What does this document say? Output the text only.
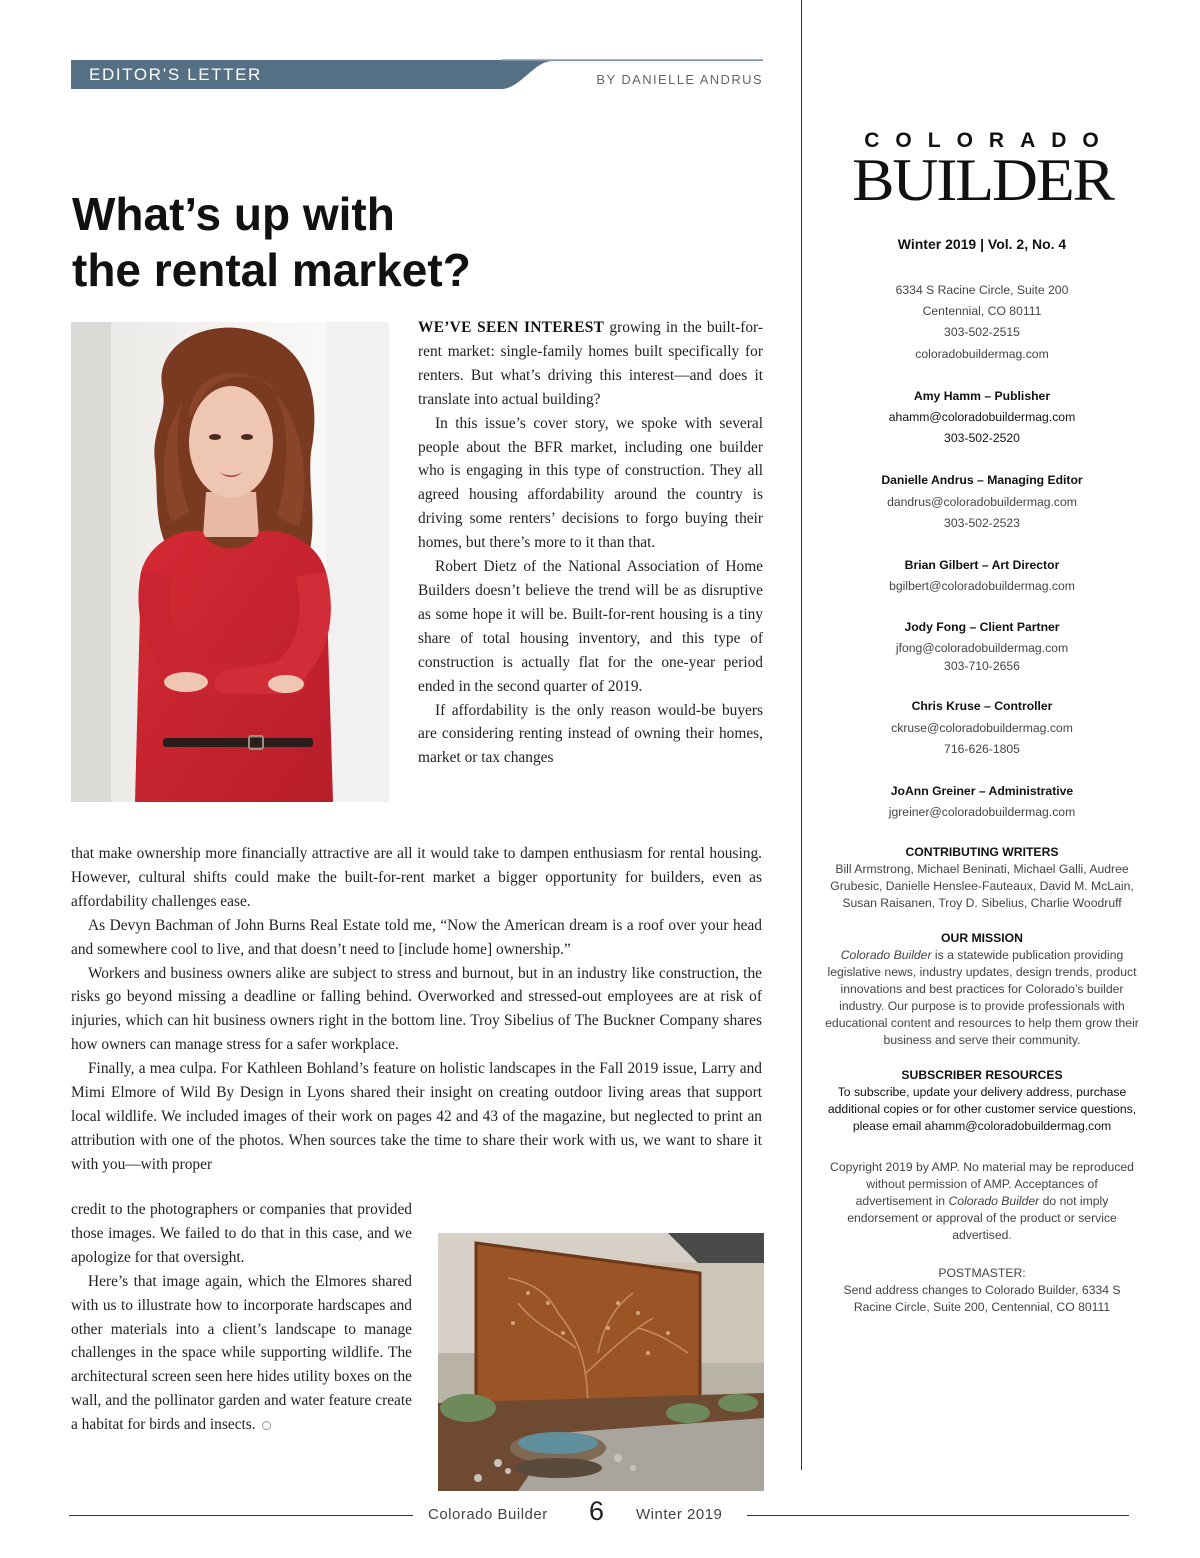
EDITOR’S LETTER	BY DANIELLE ANDRUS
What’s up with
the rental market?

WE’VE SEEN INTEREST growing in the built-for-rent market: single-family homes built specifically for renters. But what’s driving this interest—and does it translate into actual building?

In this issue’s cover story, we spoke with several people about the BFR market, including one builder who is engaging in this type of construction. They all agreed housing affordability around the country is driving some renters’ decisions to forgo buying their homes, but there’s more to it than that.

Robert Dietz of the National Association of Home Builders doesn’t believe the trend will be as disruptive as some hope it will be. Built-for-rent housing is a tiny share of total housing inventory, and this type of construction is actually flat for the one-year period ended in the second quarter of 2019.

If affordability is the only reason would-be buyers are considering renting instead of owning their homes, market or tax changes

that make ownership more financially attractive are all it would take to dampen enthusiasm for rental housing. However, cultural shifts could make the built-for-rent market a bigger opportunity for builders, even as affordability challenges ease.

As Devyn Bachman of John Burns Real Estate told me, “Now the American dream is a roof over your head and somewhere cool to live, and that doesn’t need to [include home] ownership.”

Workers and business owners alike are subject to stress and burnout, but in an industry like construction, the risks go beyond missing a deadline or falling behind. Overworked and stressed-out employees are at risk of injuries, which can hit business owners right in the bottom line. Troy Sibelius of The Buckner Company shares how owners can manage stress for a safer workplace.

Finally, a mea culpa. For Kathleen Bohland’s feature on holistic landscapes in the Fall 2019 issue, Larry and Mimi Elmore of Wild By Design in Lyons shared their insight on creating outdoor living areas that support local wildlife. We included images of their work on pages 42 and 43 of the magazine, but neglected to print an attribution with one of the photos. When sources take the time to share their work with us, we want to share it with you—with proper

credit to the photographers or companies that provided those images. We failed to do that in this case, and we apologize for that oversight.

Here’s that image again, which the Elmores shared with us to illustrate how to incorporate hardscapes and other materials into a client’s landscape to manage challenges in the space while supporting wildlife. The architectural screen seen here hides utility boxes on the wall, and the pollinator garden and water feature create a habitat for birds and insects.

COLORADO
BUILDER
Winter 2019 | Vol. 2, No. 4
6334 S Racine Circle, Suite 200
Centennial, CO 80111
303-502-2515
coloradobuildermag.com
Amy Hamm – Publisher
ahamm@coloradobuildermag.com
303-502-2520
Danielle Andrus – Managing Editor
dandrus@coloradobuildermag.com
303-502-2523
Brian Gilbert – Art Director
bgilbert@coloradobuildermag.com
Jody Fong – Client Partner
jfong@coloradobuildermag.com
303-710-2656
Chris Kruse – Controller
ckruse@coloradobuildermag.com
716-626-1805
JoAnn Greiner – Administrative
jgreiner@coloradobuildermag.com
CONTRIBUTING WRITERS
Bill Armstrong, Michael Beninati, Michael Galli, Audree Grubesic, Danielle Henslee-Fauteaux, David M. McLain, Susan Raisanen, Troy D. Sibelius, Charlie Woodruff
OUR MISSION
Colorado Builder is a statewide publication providing legislative news, industry updates, design trends, product innovations and best practices for Colorado’s builder industry. Our purpose is to provide professionals with educational content and resources to help them grow their business and serve their community.
SUBSCRIBER RESOURCES
To subscribe, update your delivery address, purchase additional copies or for other customer service questions, please email ahamm@coloradobuildermag.com
Copyright 2019 by AMP. No material may be reproduced without permission of AMP. Acceptances of advertisement in Colorado Builder do not imply endorsement or approval of the product or service advertised.
POSTMASTER:
Send address changes to Colorado Builder, 6334 S Racine Circle, Suite 200, Centennial, CO 80111
Colorado Builder 6 Winter 2019
